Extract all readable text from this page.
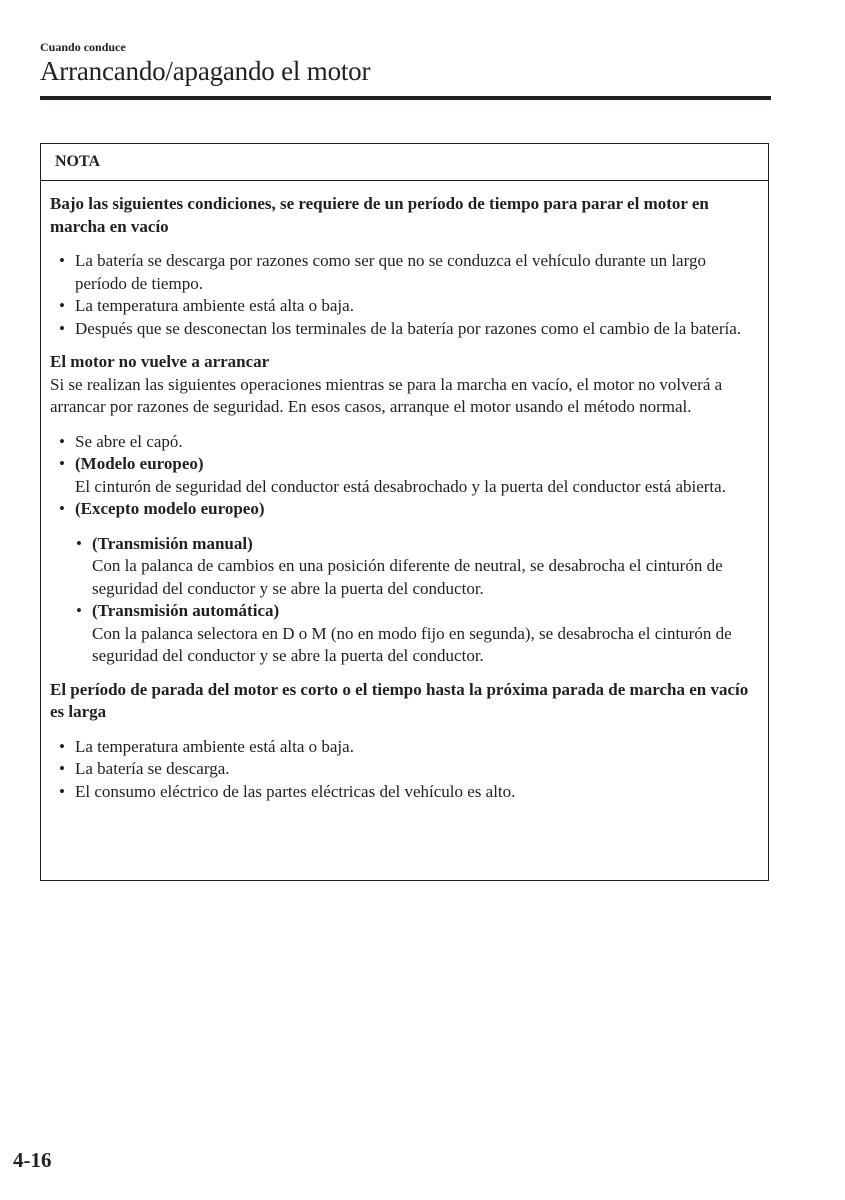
Cuando conduce
Arrancando/apagando el motor
NOTA

Bajo las siguientes condiciones, se requiere de un período de tiempo para parar el motor en marcha en vacío

• La batería se descarga por razones como ser que no se conduzca el vehículo durante un largo período de tiempo.
• La temperatura ambiente está alta o baja.
• Después que se desconectan los terminales de la batería por razones como el cambio de la batería.

El motor no vuelve a arrancar

Si se realizan las siguientes operaciones mientras se para la marcha en vacío, el motor no volverá a arrancar por razones de seguridad. En esos casos, arranque el motor usando el método normal.

• Se abre el capó.
• (Modelo europeo)
El cinturón de seguridad del conductor está desabrochado y la puerta del conductor está abierta.
• (Excepto modelo europeo)
• (Transmisión manual)
Con la palanca de cambios en una posición diferente de neutral, se desabrocha el cinturón de seguridad del conductor y se abre la puerta del conductor.
• (Transmisión automática)
Con la palanca selectora en D o M (no en modo fijo en segunda), se desabrocha el cinturón de seguridad del conductor y se abre la puerta del conductor.

El período de parada del motor es corto o el tiempo hasta la próxima parada de marcha en vacío es larga

• La temperatura ambiente está alta o baja.
• La batería se descarga.
• El consumo eléctrico de las partes eléctricas del vehículo es alto.
4-16
